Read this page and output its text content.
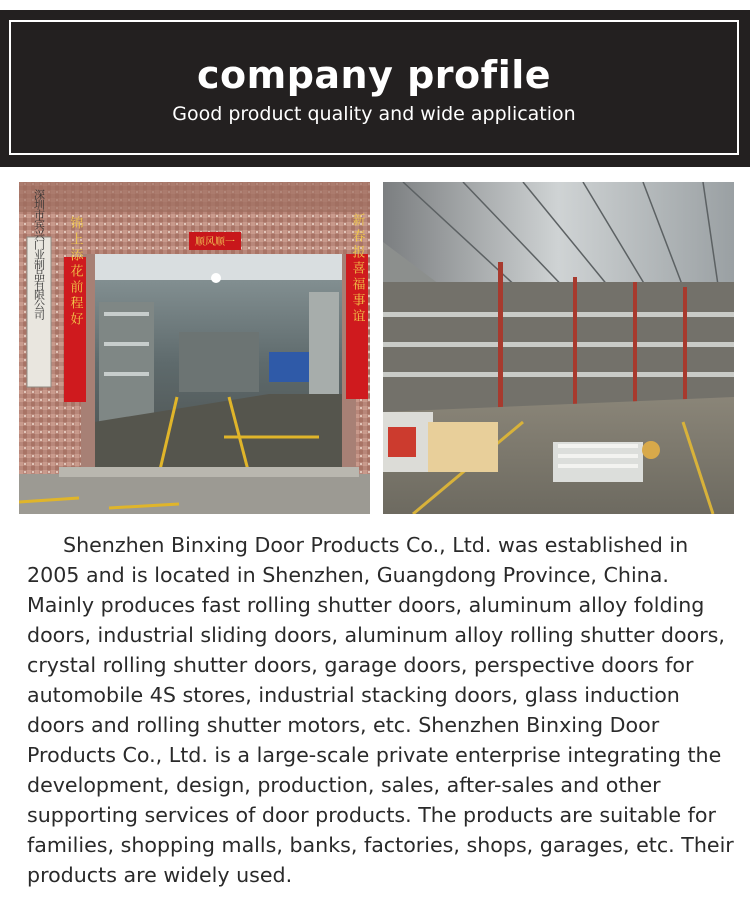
company profile
Good product quality and wide application
深圳市宾兴门业制品有限公司	顺风顺一
锦上添花前程好	新春报喜福事谊

Shenzhen Binxing Door Products Co., Ltd. was established in 2005 and is located in Shenzhen, Guangdong Province, China. Mainly produces fast rolling shutter doors, aluminum alloy folding doors, industrial sliding doors, aluminum alloy rolling shutter doors, crystal rolling shutter doors, garage doors, perspective doors for automobile 4S stores, industrial stacking doors, glass induction doors and rolling shutter motors, etc. Shenzhen Binxing Door Products Co., Ltd. is a large-scale private enterprise integrating the development, design, production, sales, after-sales and other supporting services of door products. The products are suitable for families, shopping malls, banks, factories, shops, garages, etc. Their products are widely used.
